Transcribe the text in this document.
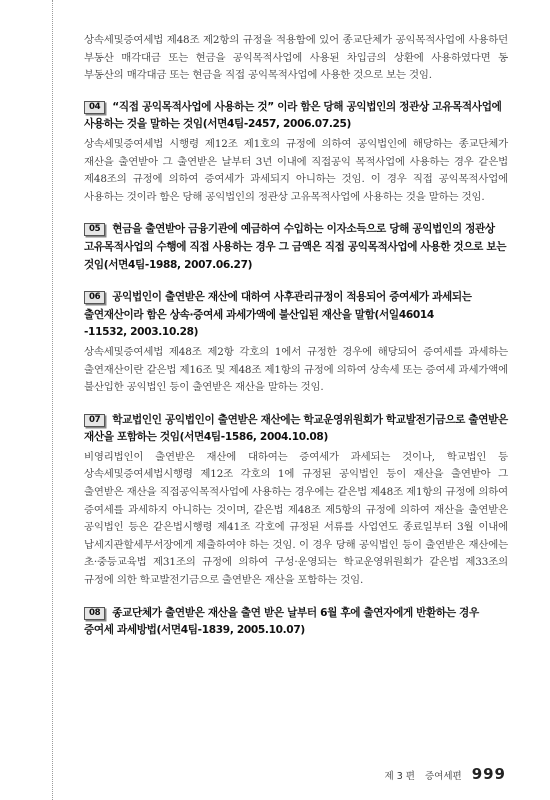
상속세및증여세법 제48조 제2항의 규정을 적용함에 있어 종교단체가 공익목적사업에 사용하던 부동산 매각대금 또는 현금을 공익목적사업에 사용된 차입금의 상환에 사용하였다면 동 부동산의 매각대금 또는 현금을 직접 공익목적사업에 사용한 것으로 보는 것임.

04 “직접 공익목적사업에 사용하는 것” 이라 함은 당해 공익법인의 정관상 고유목적사업에 사용하는 것을 말하는 것임(서면4팀-2457, 2006.07.25)

상속세및증여세법 시행령 제12조 제1호의 규정에 의하여 공익법인에 해당하는 종교단체가 재산을 출연받아 그 출연받은 날부터 3년 이내에 직접공익 목적사업에 사용하는 경우 같은법 제48조의 규정에 의하여 증여세가 과세되지 아니하는 것임. 이 경우 직접 공익목적사업에 사용하는 것이라 함은 당해 공익법인의 정관상 고유목적사업에 사용하는 것을 말하는 것임.

05 현금을 출연받아 금융기관에 예금하여 수입하는 이자소득으로 당해 공익법인의 정관상 고유목적사업의 수행에 직접 사용하는 경우 그 금액은 직접 공익목적사업에 사용한 것으로 보는 것임(서면4팀-1988, 2007.06.27)

06 공익법인이 출연받은 재산에 대하여 사후관리규정이 적용되어 증여세가 과세되는 출연재산이라 함은 상속·증여세 과세가액에 불산입된 재산을 말함(서일46014
-11532, 2003.10.28)

상속세및증여세법 제48조 제2항 각호의 1에서 규정한 경우에 해당되어 증여세를 과세하는 출연재산이란 같은법 제16조 및 제48조 제1항의 규정에 의하여 상속세 또는 증여세 과세가액에 불산입한 공익법인 등이 출연받은 재산을 말하는 것임.

07 학교법인인 공익법인이 출연받은 재산에는 학교운영위원회가 학교발전기금으로 출연받은 재산을 포함하는 것임(서면4팀-1586, 2004.10.08)

비영리법인이 출연받은 재산에 대하여는 증여세가 과세되는 것이나, 학교법인 등 상속세및증여세법시행령 제12조 각호의 1에 규정된 공익법인 등이 재산을 출연받아 그 출연받은 재산을 직접공익목적사업에 사용하는 경우에는 같은법 제48조 제1항의 규정에 의하여 증여세를 과세하지 아니하는 것이며, 같은법 제48조 제5항의 규정에 의하여 재산을 출연받은 공익법인 등은 같은법시행령 제41조 각호에 규정된 서류를 사업연도 종료일부터 3월 이내에 납세지관할세무서장에게 제출하여야 하는 것임. 이 경우 당해 공익법인 등이 출연받은 재산에는 초·중등교육법 제31조의 규정에 의하여 구성·운영되는 학교운영위원회가 같은법 제33조의 규정에 의한 학교발전기금으로 출연받은 재산을 포함하는 것임.

08 종교단체가 출연받은 재산을 출연 받은 날부터 6월 후에 출연자에게 반환하는 경우 증여세 과세방법(서면4팀-1839, 2005.10.07)

제 3 편 증여세편 999
